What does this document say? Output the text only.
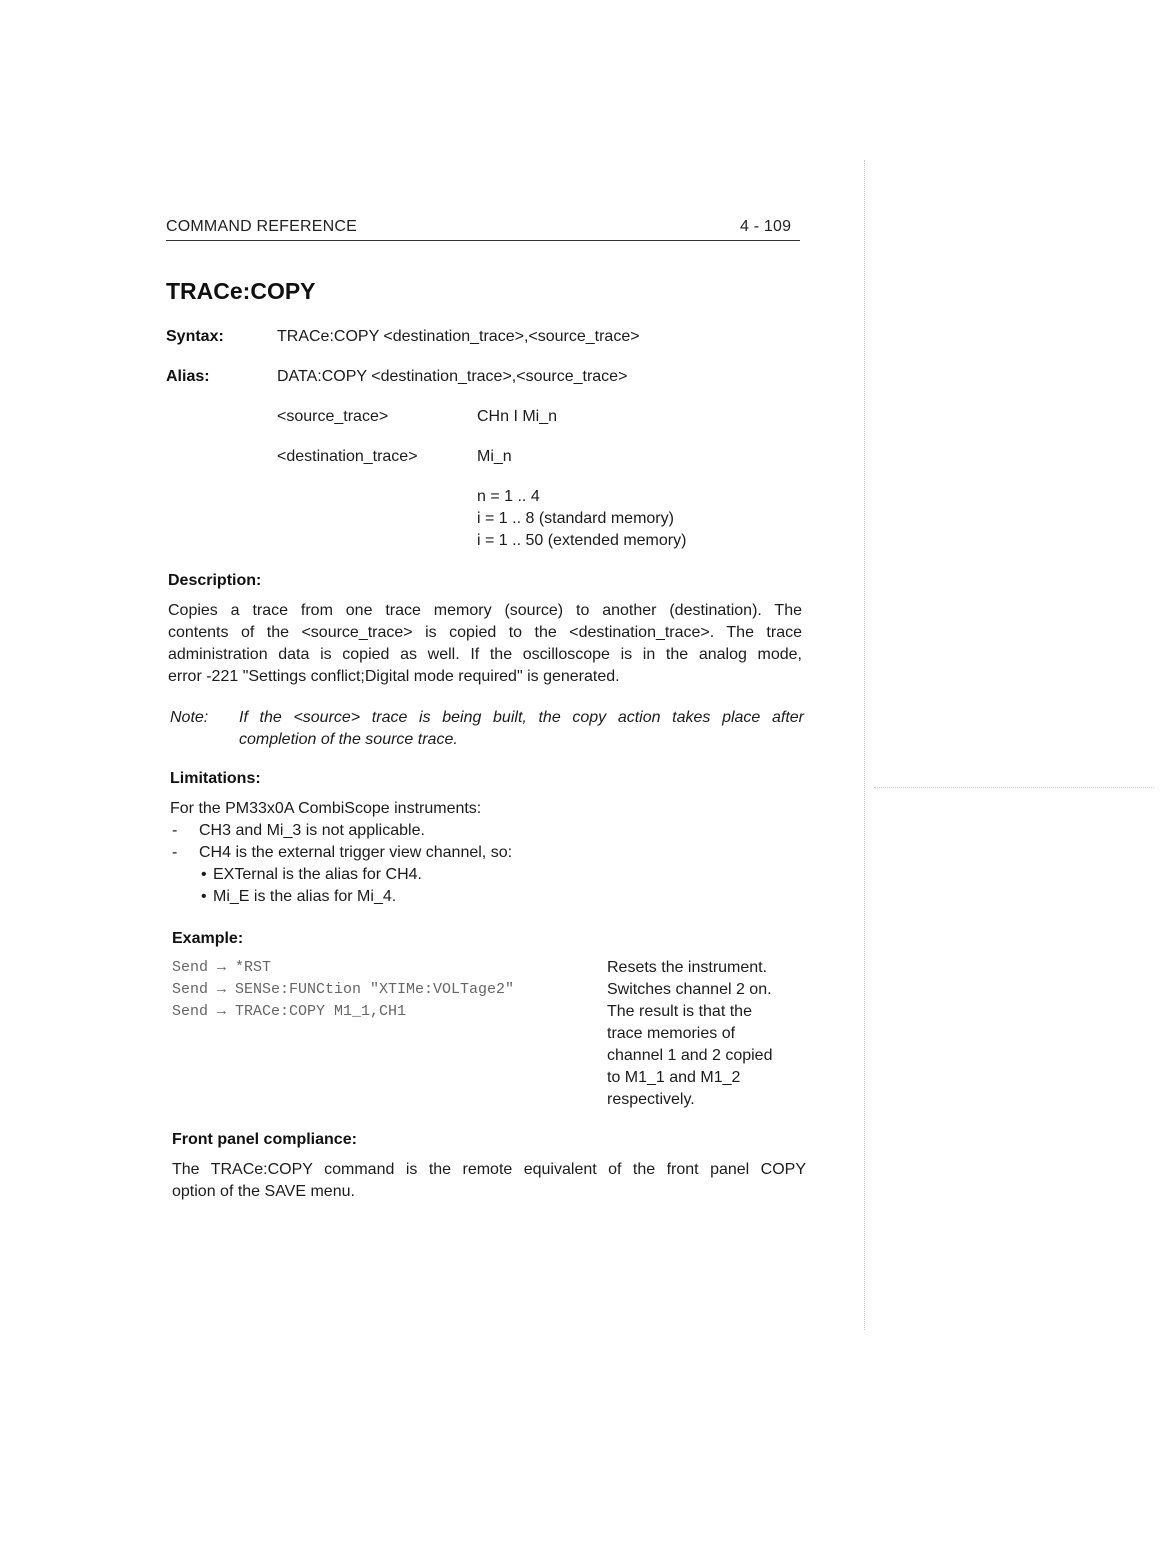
COMMAND REFERENCE	4 - 109
TRACe:COPY
Syntax:	TRACe:COPY <destination_trace>,<source_trace>
Alias:	DATA:COPY <destination_trace>,<source_trace>
<source_trace>	CHn I Mi_n
<destination_trace>	Mi_n
n = 1 .. 4
i = 1 .. 8 (standard memory)
i = 1 .. 50 (extended memory)
Description:
Copies a trace from one trace memory (source) to another (destination). The
contents of the <source_trace> is copied to the <destination_trace>. The trace
administration data is copied as well. If the oscilloscope is in the analog mode,
error -221 "Settings conflict;Digital mode required" is generated.
Note: If the <source> trace is being built, the copy action takes place after
completion of the source trace.
Limitations:
For the PM33x0A CombiScope instruments:
- CH3 and Mi_3 is not applicable.
- CH4 is the external trigger view channel, so:
• EXTernal is the alias for CH4.
• Mi_E is the alias for Mi_4.
Example:
Send → *RST
Send → SENSe:FUNCtion "XTIMe:VOLTage2"
Send → TRACe:COPY M1_1,CH1
Resets the instrument.
Switches channel 2 on.
The result is that the
trace memories of
channel 1 and 2 copied
to M1_1 and M1_2
respectively.
Front panel compliance:
The TRACe:COPY command is the remote equivalent of the front panel COPY
option of the SAVE menu.
